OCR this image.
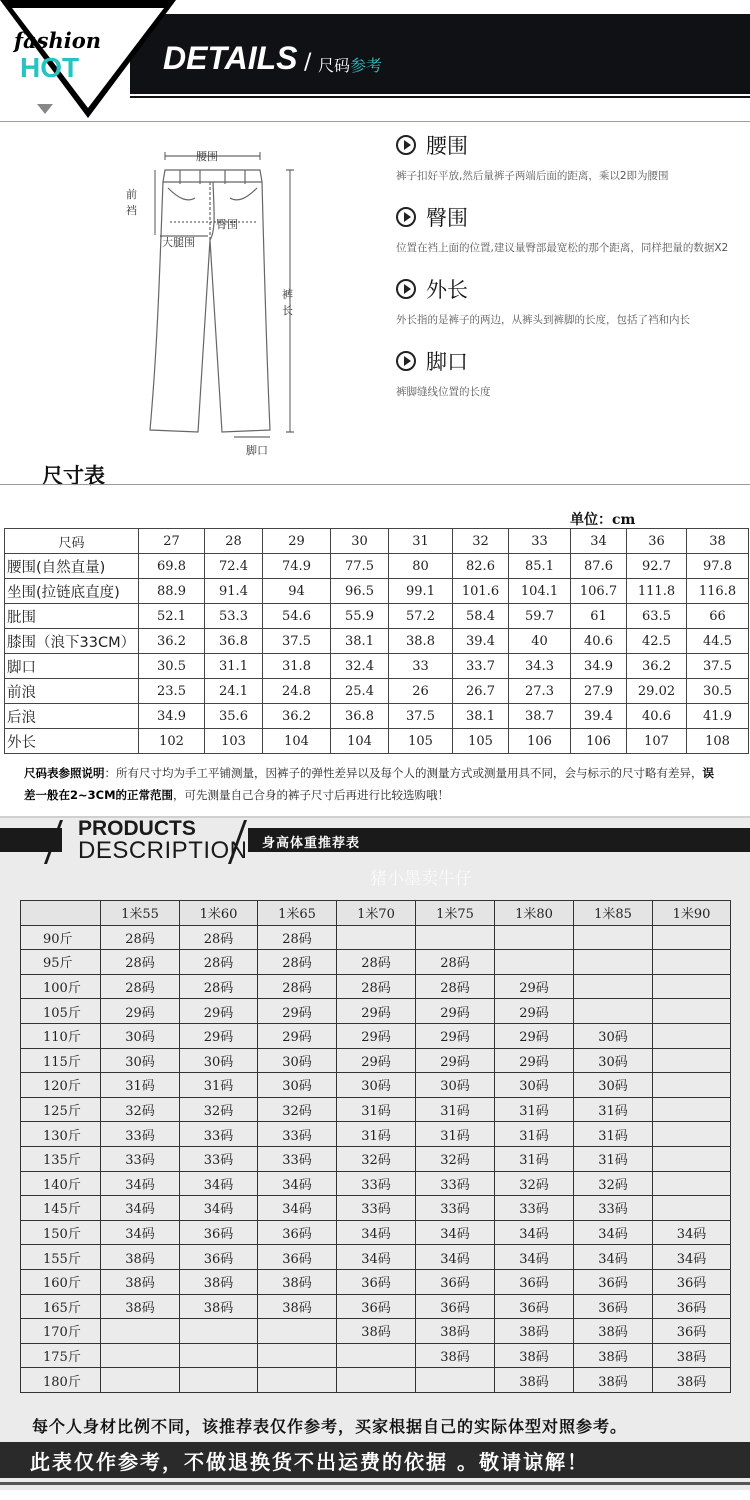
fashion
HOT	DETAILS / 尺码参考
腰围
前
裆
臀围
大腿围
裤
长
脚口
腰围
裤子扣好平放,然后量裤子两端后面的距离，乘以2即为腰围
臀围
位置在裆上面的位置,建议量臀部最宽松的那个距离，同样把量的数据X2
外长
外长指的是裤子的两边，从裤头到裤脚的长度，包括了裆和内长
脚口
裤脚缝线位置的长度
尺寸表
单位：cm
尺码	27	28	29	30	31	32	33	34	36	38
腰围(自然直量)	69.8	72.4	74.9	77.5	80	82.6	85.1	87.6	92.7	97.8
坐围(拉链底直度)	88.9	91.4	94	96.5	99.1	101.6	104.1	106.7	111.8	116.8
肶围	52.1	53.3	54.6	55.9	57.2	58.4	59.7	61	63.5	66
膝围（浪下33CM）	36.2	36.8	37.5	38.1	38.8	39.4	40	40.6	42.5	44.5
脚口	30.5	31.1	31.8	32.4	33	33.7	34.3	34.9	36.2	37.5
前浪	23.5	24.1	24.8	25.4	26	26.7	27.3	27.9	29.02	30.5
后浪	34.9	35.6	36.2	36.8	37.5	38.1	38.7	39.4	40.6	41.9
外长	102	103	104	104	105	105	106	106	107	108
尺码表参照说明：所有尺寸均为手工平铺测量，因裤子的弹性差异以及每个人的测量方式或测量用具不同，会与标示的尺寸略有差异，误差一般在2~3CM的正常范围，可先测量自己合身的裤子尺寸后再进行比较选购哦！
PRODUCTS
DESCRIPTION 身高体重推荐表
猪小墨卖牛仔
	1米55	1米60	1米65	1米70	1米75	1米80	1米85	1米90
90斤	28码	28码	28码					
95斤	28码	28码	28码	28码	28码			
100斤	28码	28码	28码	28码	28码	29码		
105斤	29码	29码	29码	29码	29码	29码		
110斤	30码	29码	29码	29码	29码	29码	30码	
115斤	30码	30码	30码	29码	29码	29码	30码	
120斤	31码	31码	30码	30码	30码	30码	30码	
125斤	32码	32码	32码	31码	31码	31码	31码	
130斤	33码	33码	33码	31码	31码	31码	31码	
135斤	33码	33码	33码	32码	32码	31码	31码	
140斤	34码	34码	34码	33码	33码	32码	32码	
145斤	34码	34码	34码	33码	33码	33码	33码	
150斤	34码	36码	36码	34码	34码	34码	34码	34码
155斤	38码	36码	36码	34码	34码	34码	34码	34码
160斤	38码	38码	38码	36码	36码	36码	36码	36码
165斤	38码	38码	38码	36码	36码	36码	36码	36码
170斤				38码	38码	38码	38码	36码
175斤					38码	38码	38码	38码
180斤						38码	38码	38码
每个人身材比例不同，该推荐表仅作参考，买家根据自己的实际体型对照参考。
此表仅作参考，不做退换货不出运费的依据 。敬请谅解！
